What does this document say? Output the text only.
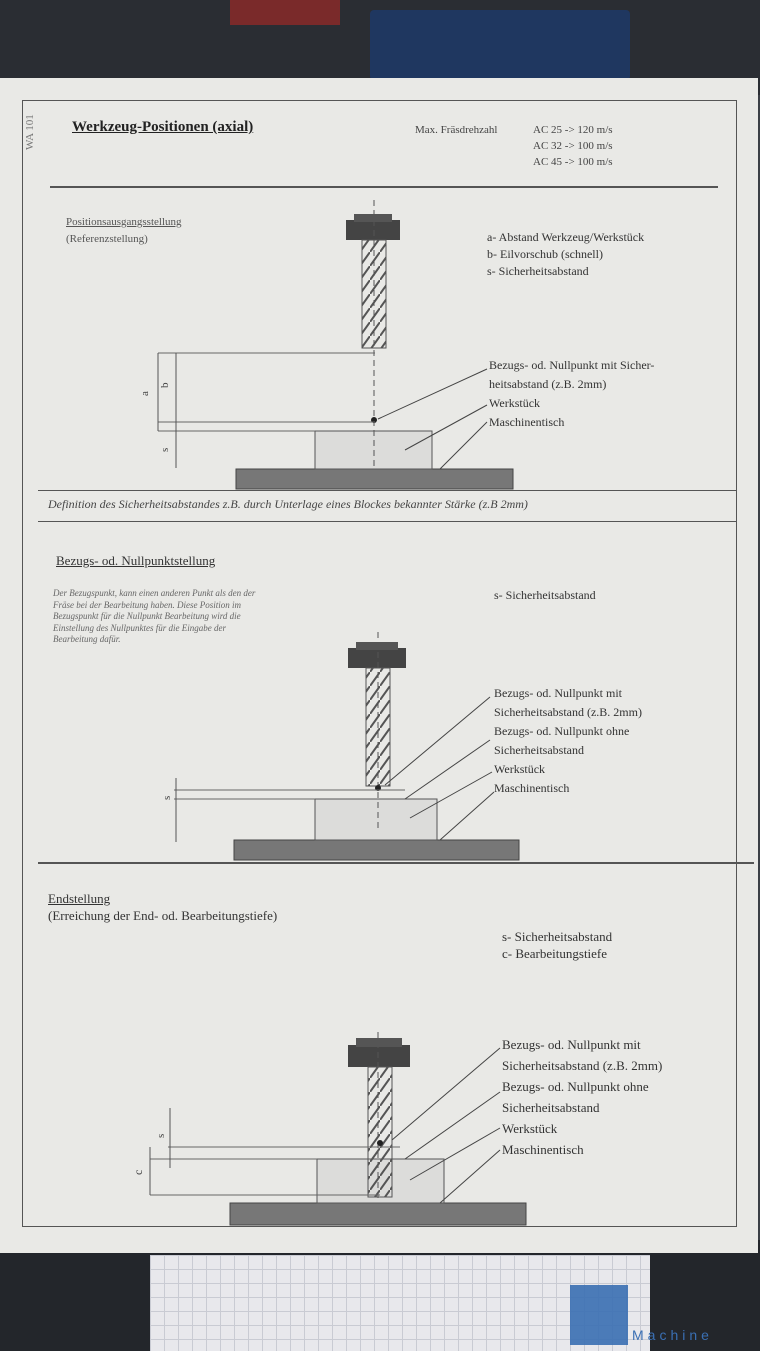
WA 101 Werkzeug-Positionen (axial)	Max. Fräsdrehzahl	AC 25 -> 120 m/s
AC 32 -> 100 m/s
AC 45 -> 100 m/s
Positionsausgangsstellung
(Referenzstellung)	a- Abstand Werkzeug/Werkstück
b- Eilvorschub (schnell)
s- Sicherheitsabstand
Bezugs- od. Nullpunkt mit Sicher-
heitsabstand (z.B. 2mm)
Werkstück
Maschinentisch
Definition des Sicherheitsabstandes z.B. durch Unterlage eines Blockes bekannter Stärke (z.B 2mm)
Bezugs- od. Nullpunktstellung
Der Bezugspunkt, kann einen anderen Punkt als den der Fräse bei der Bearbeitung haben. Diese Position im Bezugspunkt für die Nullpunkt Bearbeitung wird die Einstellung des Nullpunktes für die Eingabe der Bearbeitung dafür.
s- Sicherheitsabstand
Bezugs- od. Nullpunkt mit
Sicherheitsabstand (z.B. 2mm)
Bezugs- od. Nullpunkt ohne
Sicherheitsabstand
Werkstück
Maschinentisch
Endstellung
(Erreichung der End- od. Bearbeitungstiefe)
s- Sicherheitsabstand
c- Bearbeitungstiefe
Bezugs- od. Nullpunkt mit
Sicherheitsabstand (z.B. 2mm)
Bezugs- od. Nullpunkt ohne
Sicherheitsabstand
Werkstück
Maschinentisch
a
b
s
s
s
c
Machine
